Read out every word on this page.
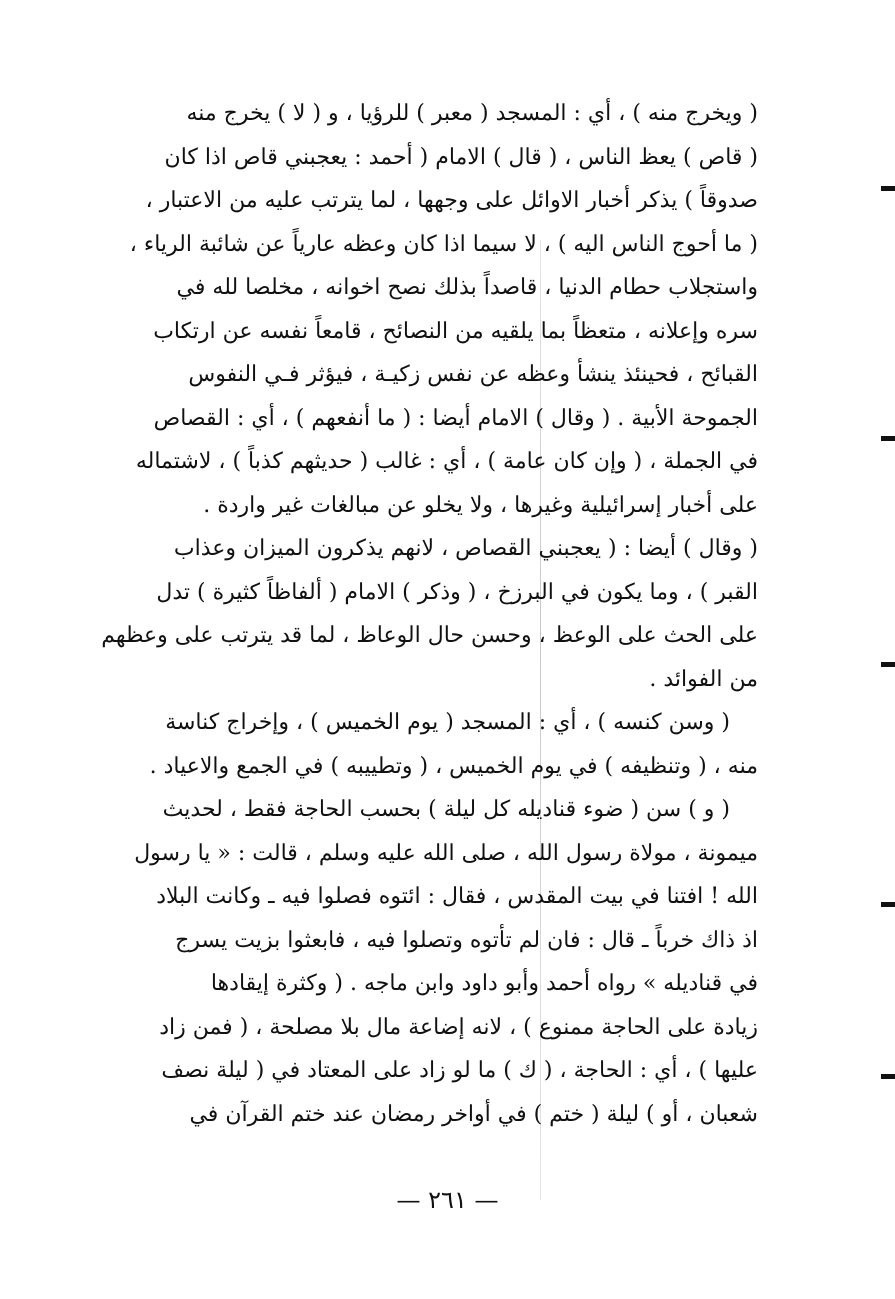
( ويخرج منه ) ، أي : المسجد ( معبر ) للرؤيا ، و ( لا ) يخرج منه
( قاص ) يعظ الناس ، ( قال ) الامام ( أحمد : يعجبني قاص اذا كان
صدوقاً ) يذكر أخبار الاوائل على وجهها ، لما يترتب عليه من الاعتبار ،
( ما أحوج الناس اليه ) ، لا سيما اذا كان وعظه عارياً عن شائبة الرياء ،
واستجلاب حطام الدنيا ، قاصداً بذلك نصح اخوانه ، مخلصا لله في
سره وإعلانه ، متعظاً بما يلقيه من النصائح ، قامعاً نفسه عن ارتكاب
القبائح ، فحينئذ ينشأ وعظه عن نفس زكيـة ، فيؤثر فـي النفوس
الجموحة الأبية . ( وقال ) الامام أيضا : ( ما أنفعهم ) ، أي : القصاص
في الجملة ، ( وإن كان عامة ) ، أي : غالب ( حديثهم كذباً ) ، لاشتماله
على أخبار إسرائيلية وغيرها ، ولا يخلو عن مبالغات غير واردة .
( وقال ) أيضا : ( يعجبني القصاص ، لانهم يذكرون الميزان وعذاب
القبر ) ، وما يكون في البرزخ ، ( وذكر ) الامام ( ألفاظاً كثيرة ) تدل
على الحث على الوعظ ، وحسن حال الوعاظ ، لما قد يترتب على وعظهم
من الفوائد .
( وسن كنسه ) ، أي : المسجد ( يوم الخميس ) ، وإخراج كناسة
منه ، ( وتنظيفه ) في يوم الخميس ، ( وتطييبه ) في الجمع والاعياد .
( و ) سن ( ضوء قناديله كل ليلة ) بحسب الحاجة فقط ، لحديث
ميمونة ، مولاة رسول الله ، صلى الله عليه وسلم ، قالت : « يا رسول
الله ! افتنا في بيت المقدس ، فقال : ائتوه فصلوا فيه ـ وكانت البلاد
اذ ذاك خرباً ـ قال : فان لم تأتوه وتصلوا فيه ، فابعثوا بزيت يسرج
في قناديله » رواه أحمد وأبو داود وابن ماجه . ( وكثرة إيقادها
زيادة على الحاجة ممنوع ) ، لانه إضاعة مال بلا مصلحة ، ( فمن زاد
عليها ) ، أي : الحاجة ، ( ك ) ما لو زاد على المعتاد في ( ليلة نصف
شعبان ، أو ) ليلة ( ختم ) في أواخر رمضان عند ختم القرآن في
— ٢٦١ —
